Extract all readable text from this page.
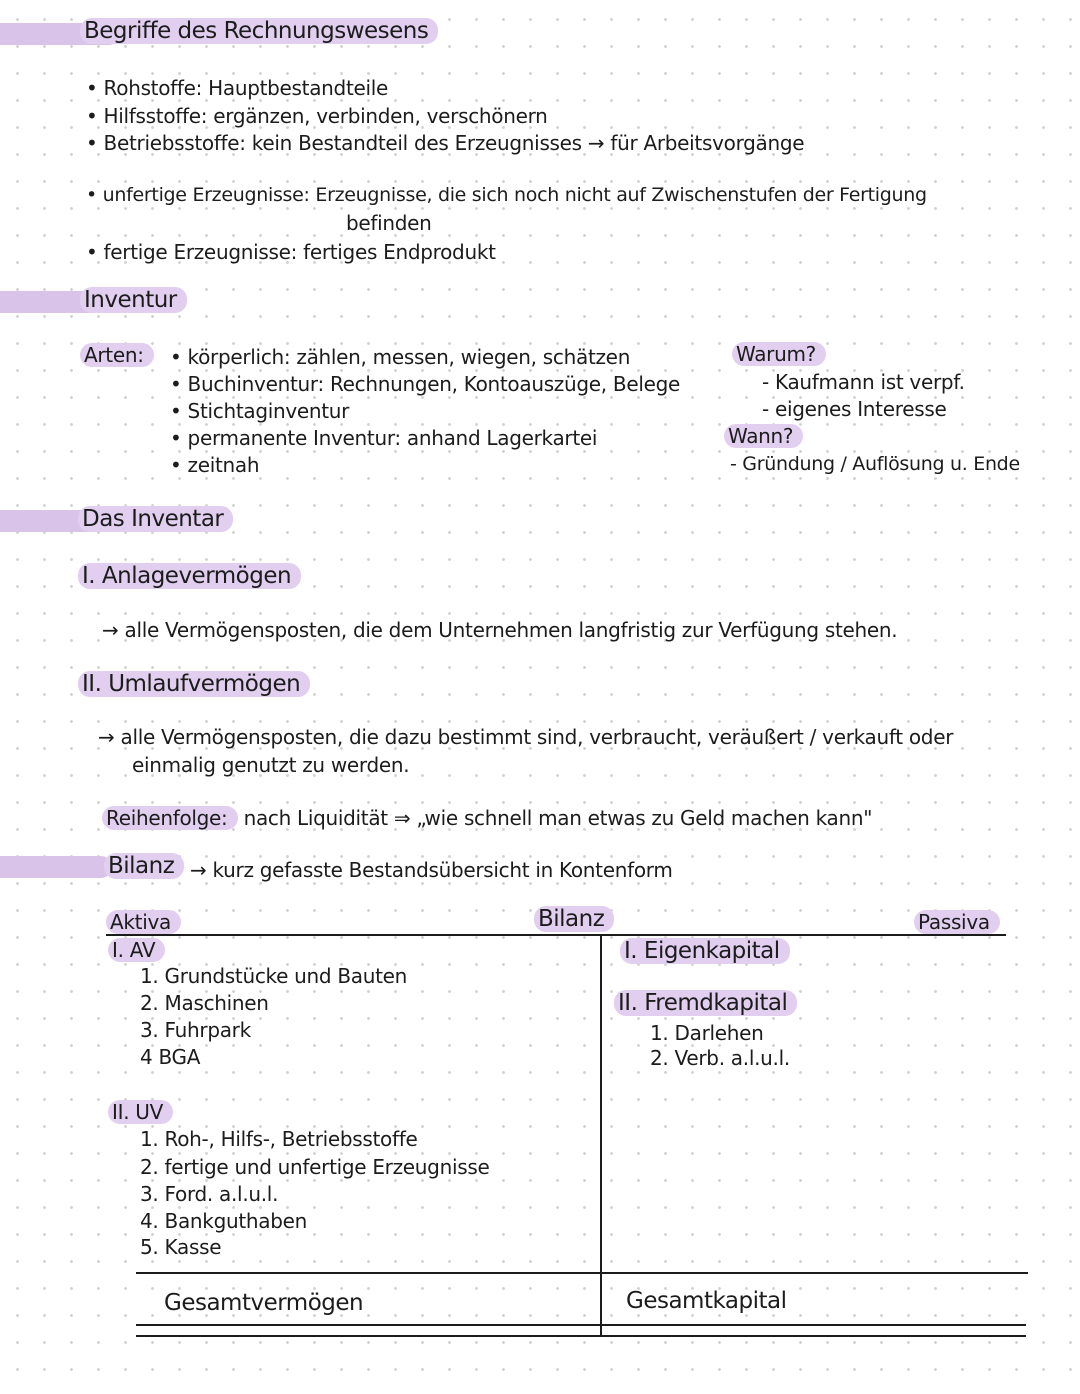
Begriffe des Rechnungswesens
• Rohstoffe: Hauptbestandteile
• Hilfsstoffe: ergänzen, verbinden, verschönern
• Betriebsstoffe: kein Bestandteil des Erzeugnisses → für Arbeitsvorgänge
• unfertige Erzeugnisse: Erzeugnisse, die sich noch nicht auf Zwischenstufen der Fertigung
befinden
• fertige Erzeugnisse: fertiges Endprodukt
Inventur
Arten:	• körperlich: zählen, messen, wiegen, schätzen
• Buchinventur: Rechnungen, Kontoauszüge, Belege
• Stichtaginventur
• permanente Inventur: anhand Lagerkartei
• zeitnah
Warum?
- Kaufmann ist verpf.
- eigenes Interesse
Wann?
- Gründung / Auflösung u. Ende
Das Inventar
I. Anlagevermögen
→ alle Vermögensposten, die dem Unternehmen langfristig zur Verfügung stehen.
II. Umlaufvermögen
→ alle Vermögensposten, die dazu bestimmt sind, verbraucht, veräußert / verkauft oder
einmalig genutzt zu werden.
Reihenfolge: nach Liquidität ⇒ „wie schnell man etwas zu Geld machen kann"
Bilanz → kurz gefasste Bestandsübersicht in Kontenform
Aktiva	Bilanz	Passiva
I. AV
1. Grundstücke und Bauten
2. Maschinen
3. Fuhrpark
4 BGA
II. UV
1. Roh-, Hilfs-, Betriebsstoffe
2. fertige und unfertige Erzeugnisse
3. Ford. a.l.u.l.
4. Bankguthaben
5. Kasse
I. Eigenkapital
II. Fremdkapital
1. Darlehen
2. Verb. a.l.u.l.
Gesamtvermögen	Gesamtkapital
